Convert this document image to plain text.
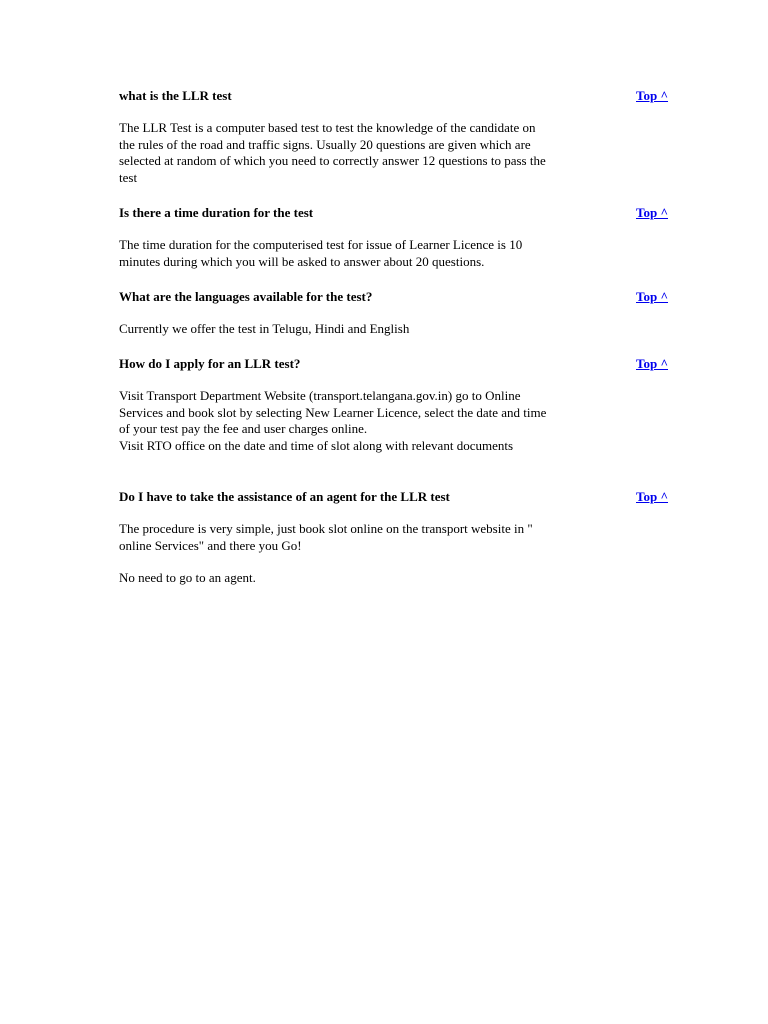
what is the LLR test	Top ^

The LLR Test is a computer based test to test the knowledge of the candidate on

the rules of the road and traffic signs. Usually 20 questions are given which are

selected at random of which you need to correctly answer 12 questions to pass the

test

Is there a time duration for the test	Top ^

The time duration for the computerised test for issue of Learner Licence is 10

minutes during which you will be asked to answer about 20 questions.

What are the languages available for the test?	Top ^

Currently we offer the test in Telugu, Hindi and English

How do I apply for an LLR test?	Top ^

Visit Transport Department Website (transport.telangana.gov.in) go to Online

Services and book slot by selecting New Learner Licence, select the date and time

of your test pay the fee and user charges online.

Visit RTO office on the date and time of slot along with relevant documents

Do I have to take the assistance of an agent for the LLR test	Top ^

The procedure is very simple, just book slot online on the transport website in "

online Services" and there you Go!

No need to go to an agent.
